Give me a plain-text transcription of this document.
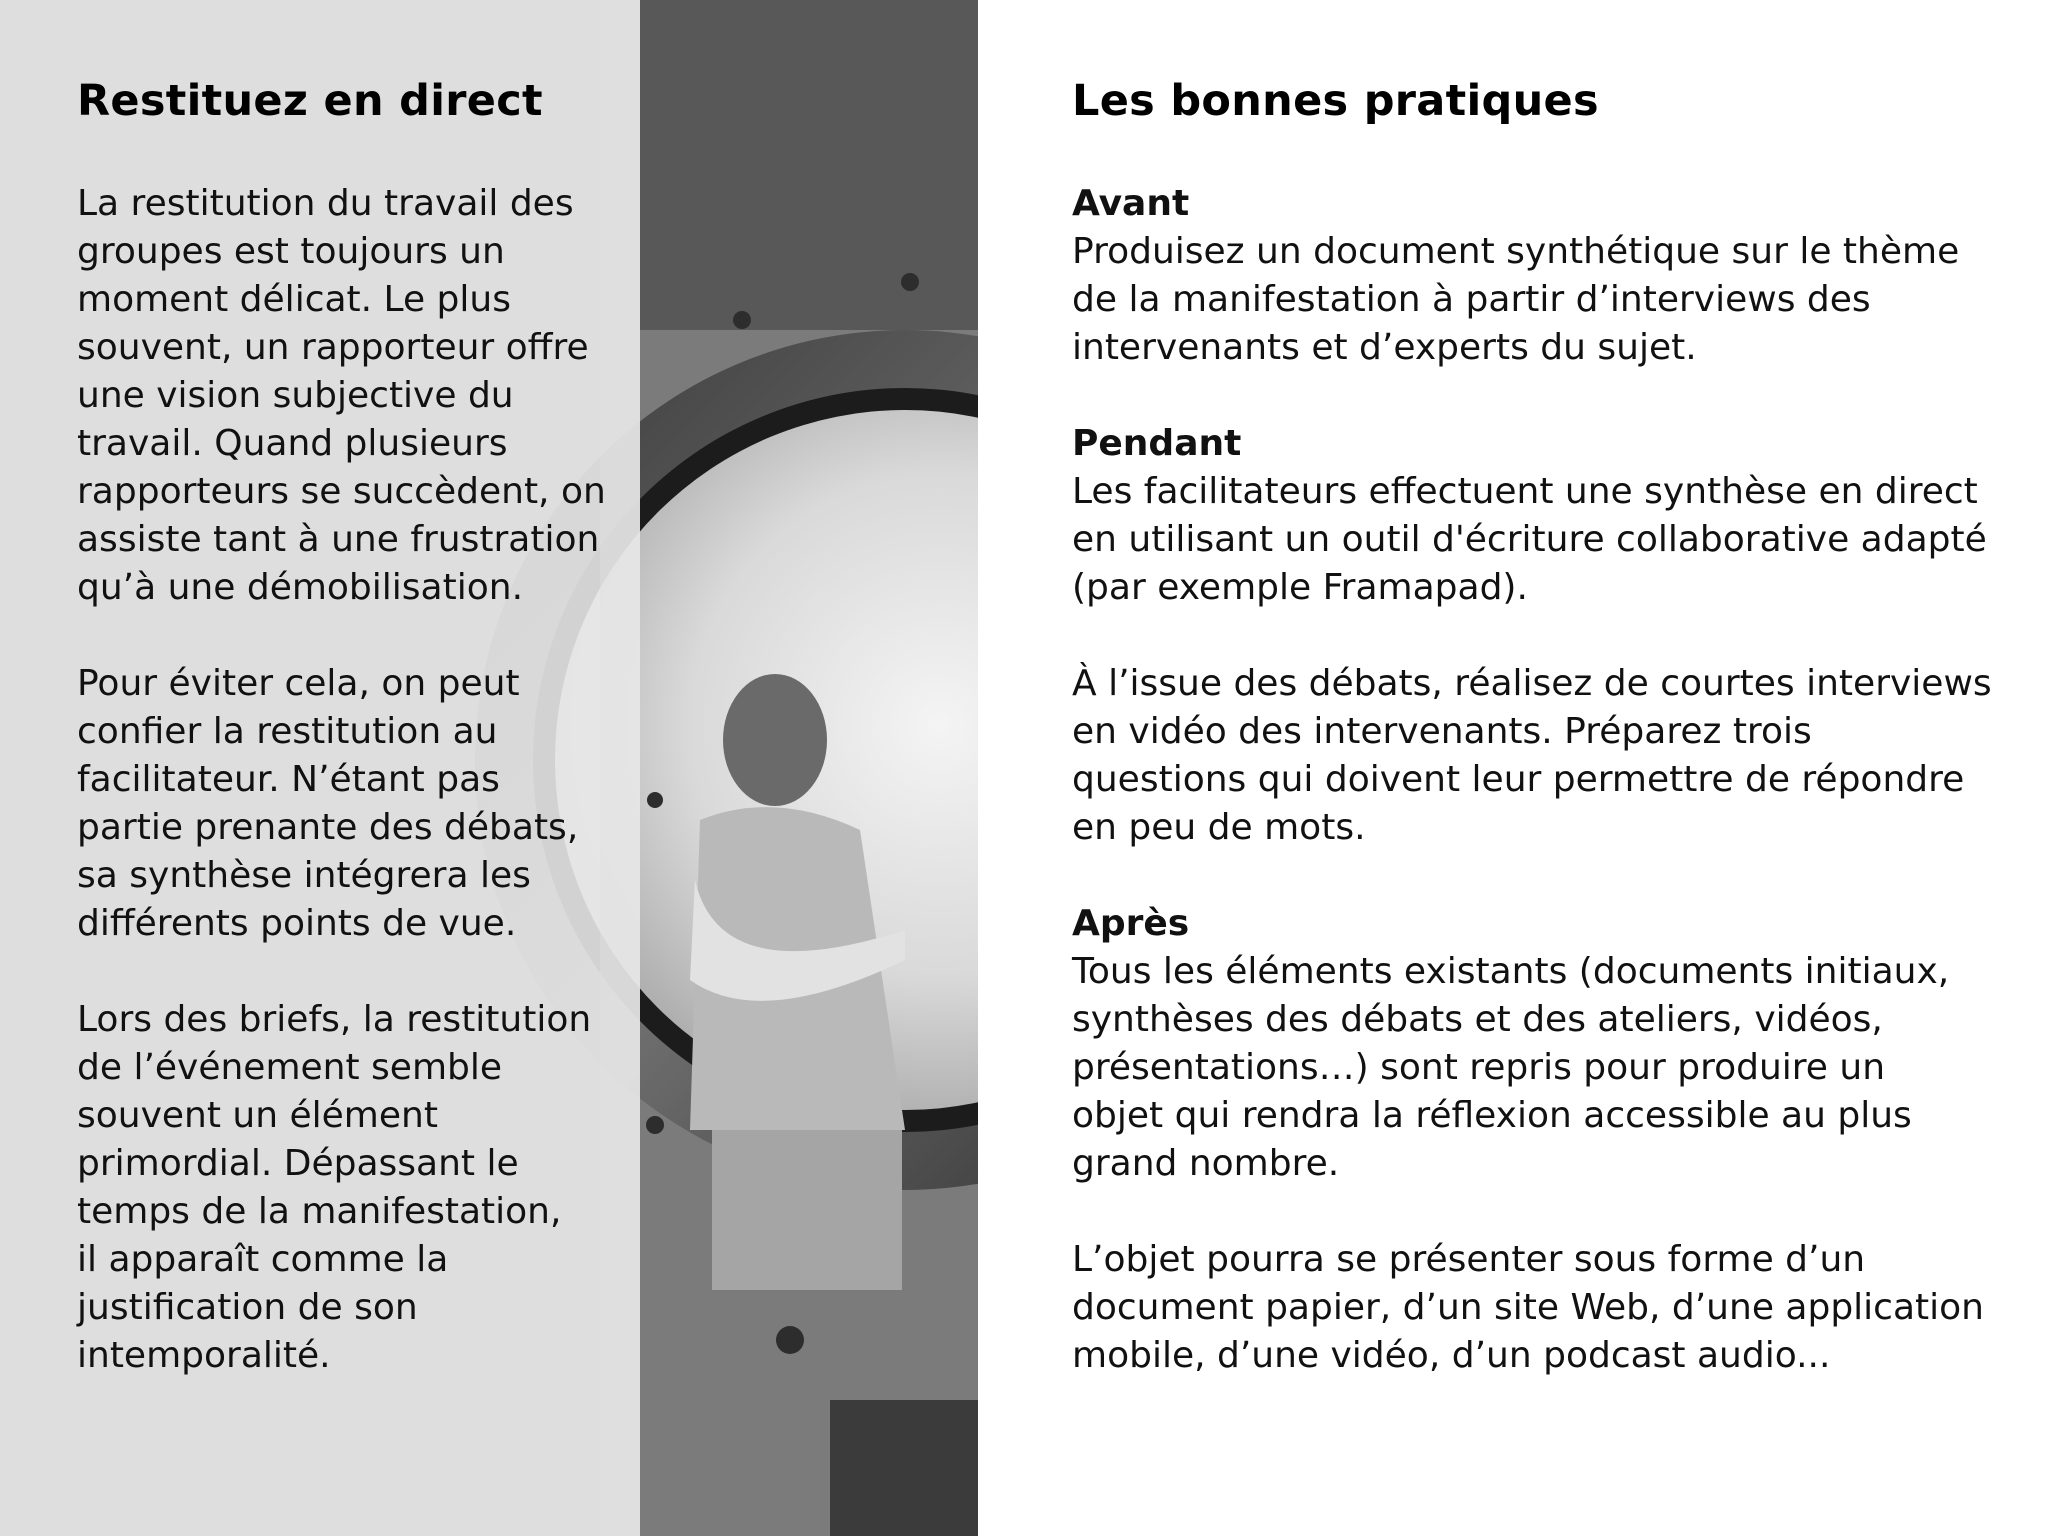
Restituez en direct	Les bonnes pratiques

La restitution du travail des
groupes est toujours un
moment délicat. Le plus
souvent, un rapporteur offre
une vision subjective du
travail. Quand plusieurs
rapporteurs se succèdent, on
assiste tant à une frustration
qu’à une démobilisation.

Pour éviter cela, on peut
confier la restitution au
facilitateur. N’étant pas
partie prenante des débats,
sa synthèse intégrera les
différents points de vue.

Lors des briefs, la restitution
de l’événement semble
souvent un élément
primordial. Dépassant le
temps de la manifestation,
il apparaît comme la
justification de son
intemporalité.

Avant
Produisez un document synthétique sur le thème
de la manifestation à partir d’interviews des
intervenants et d’experts du sujet.

Pendant
Les facilitateurs effectuent une synthèse en direct
en utilisant un outil d'écriture collaborative adapté
(par exemple Framapad).

À l’issue des débats, réalisez de courtes interviews
en vidéo des intervenants. Préparez trois
questions qui doivent leur permettre de répondre
en peu de mots.

Après
Tous les éléments existants (documents initiaux,
synthèses des débats et des ateliers, vidéos,
présentations…) sont repris pour produire un
objet qui rendra la réflexion accessible au plus
grand nombre.

L’objet pourra se présenter sous forme d’un
document papier, d’un site Web, d’une application
mobile, d’une vidéo, d’un podcast audio...
